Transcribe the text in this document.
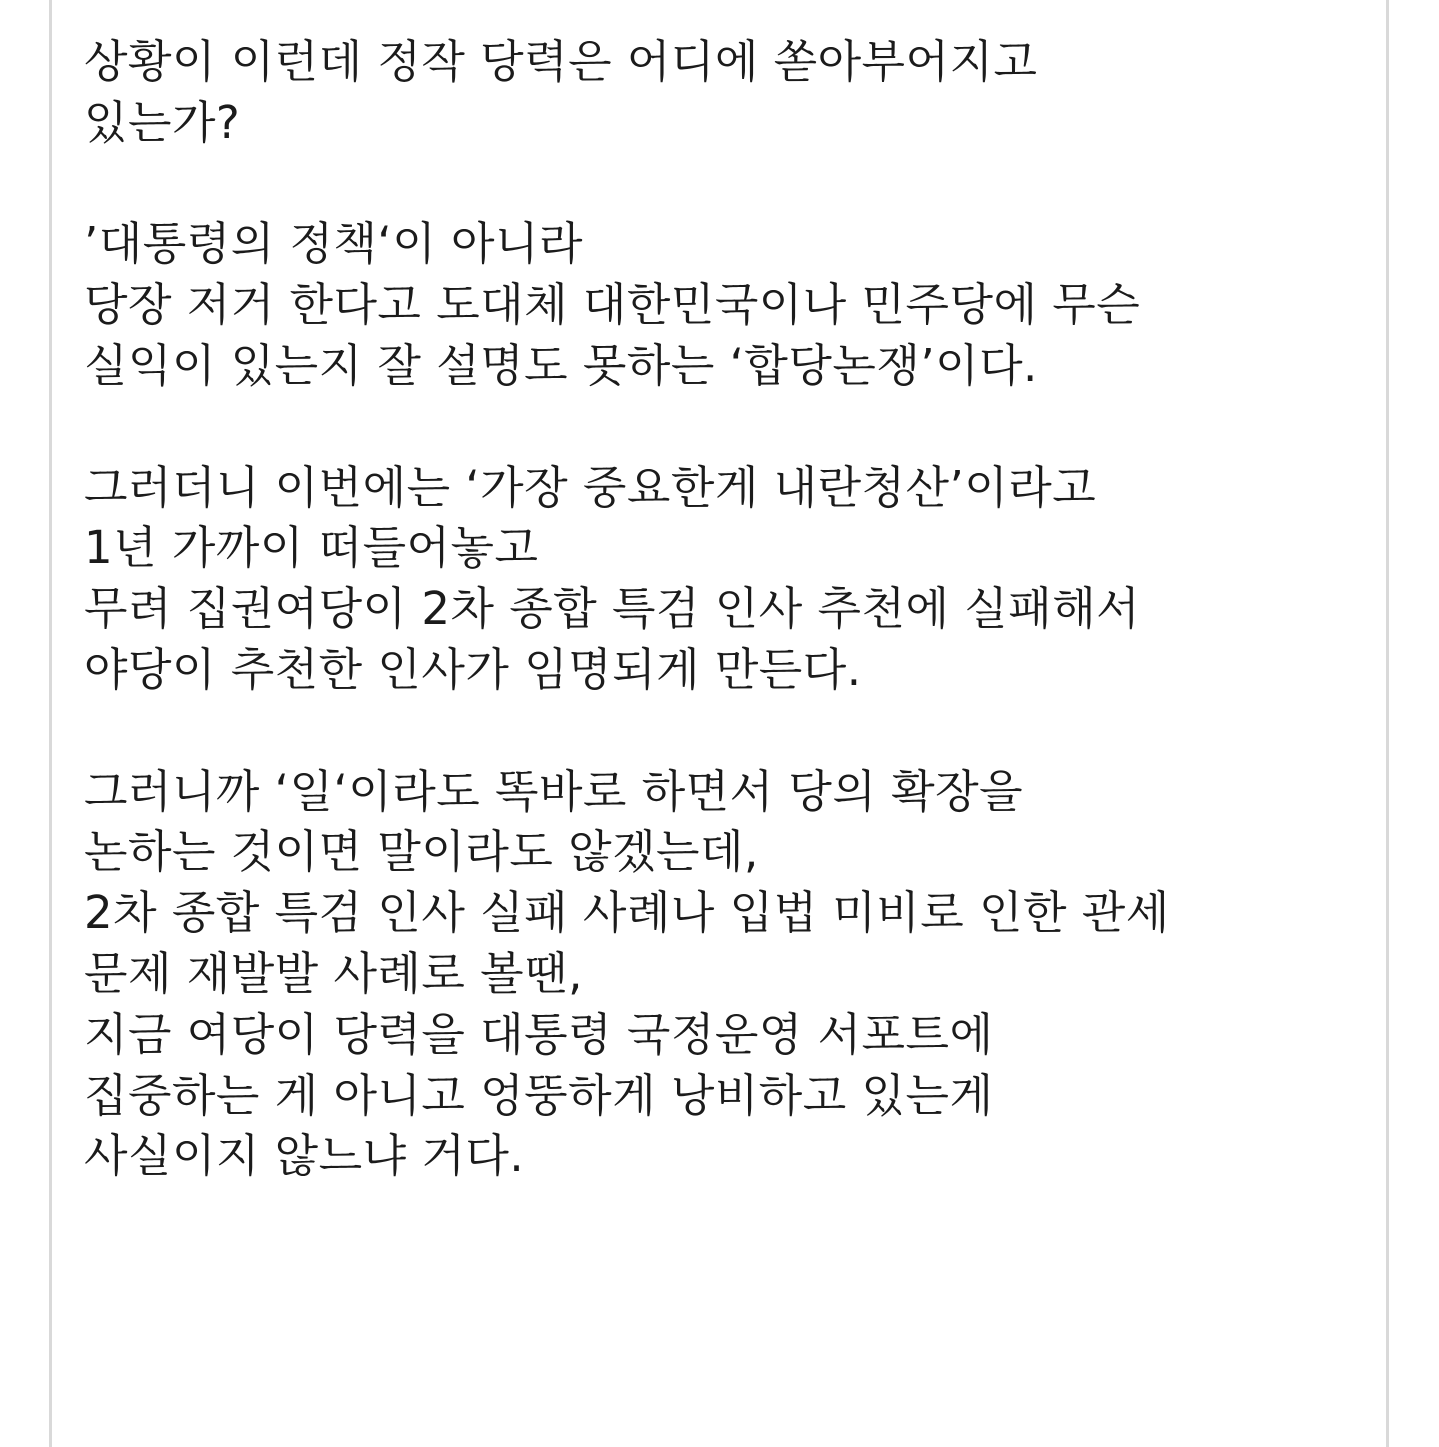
상황이 이런데 정작 당력은 어디에 쏟아부어지고
있는가?
’대통령의 정책‘이 아니라
당장 저거 한다고 도대체 대한민국이나 민주당에 무슨
실익이 있는지 잘 설명도 못하는 ‘합당논쟁’이다.
그러더니 이번에는 ‘가장 중요한게 내란청산’이라고
1년 가까이 떠들어놓고
무려 집권여당이 2차 종합 특검 인사 추천에 실패해서
야당이 추천한 인사가 임명되게 만든다.
그러니까 ‘일‘이라도 똑바로 하면서 당의 확장을
논하는 것이면 말이라도 않겠는데,
2차 종합 특검 인사 실패 사례나 입법 미비로 인한 관세
문제 재발발 사례로 볼땐,
지금 여당이 당력을 대통령 국정운영 서포트에
집중하는 게 아니고 엉뚱하게 낭비하고 있는게
사실이지 않느냐 거다.
